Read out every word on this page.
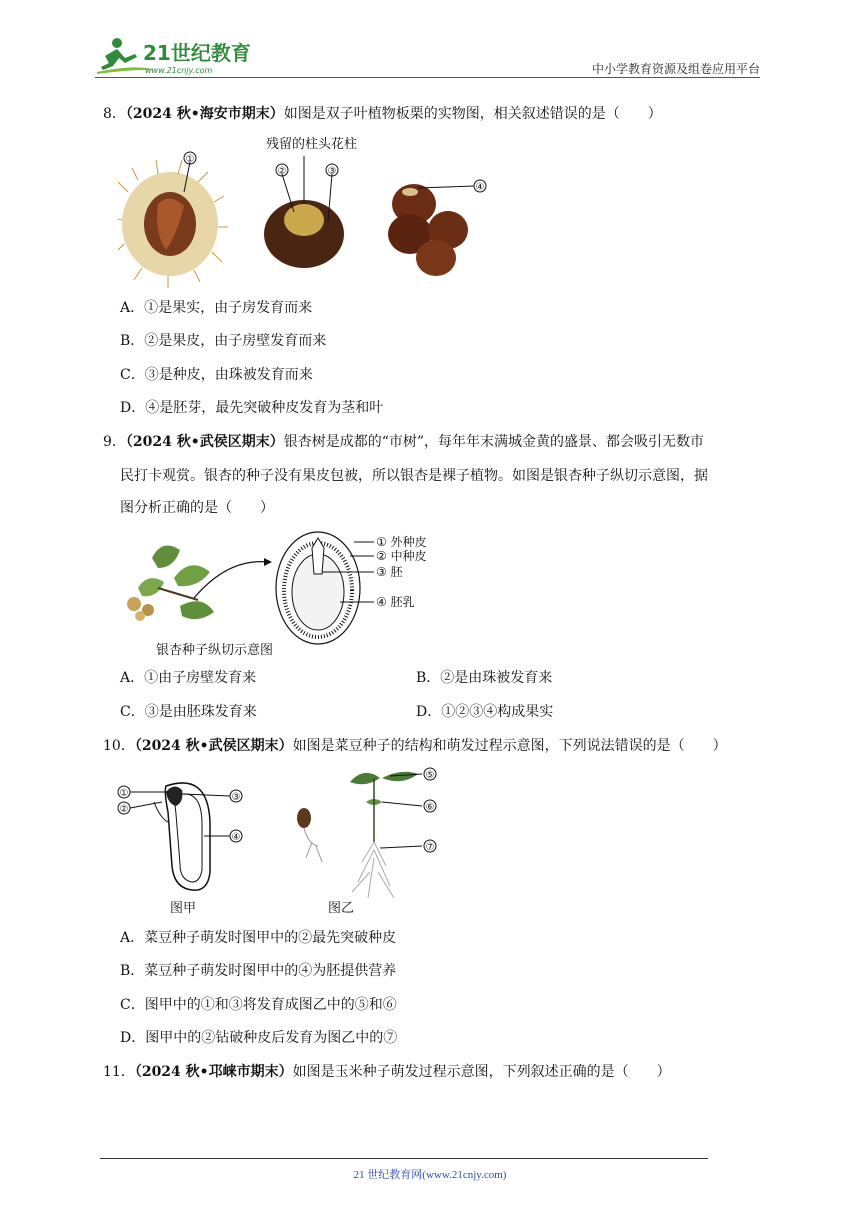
21世纪教育
www.21cnjy.com	中小学教育资源及组卷应用平台
8．（2024 秋•海安市期末）如图是双子叶植物板栗的实物图，相关叙述错误的是（　　）
①
残留的柱头花柱
②	③
④
A．①是果实，由子房发育而来
B．②是果皮，由子房壁发育而来
C．③是种皮，由珠被发育而来
D．④是胚芽，最先突破种皮发育为茎和叶
9．（2024 秋•武侯区期末）银杏树是成都的“市树”，每年年末满城金黄的盛景、都会吸引无数市
民打卡观赏。银杏的种子没有果皮包被，所以银杏是裸子植物。如图是银杏种子纵切示意图，据
图分析正确的是（　　）
① 外种皮
② 中种皮
③ 胚
④ 胚乳
银杏种子纵切示意图
A．①由子房壁发育来	B．②是由珠被发育来
C．③是由胚珠发育来	D．①②③④构成果实
10．（2024 秋•武侯区期末）如图是菜豆种子的结构和萌发过程示意图，下列说法错误的是（　　）
①
②
③
④
图甲
⑤
⑥
⑦
图乙
A．菜豆种子萌发时图甲中的②最先突破种皮
B．菜豆种子萌发时图甲中的④为胚提供营养
C．图甲中的①和③将发育成图乙中的⑤和⑥
D．图甲中的②钻破种皮后发育为图乙中的⑦
11．（2024 秋•邛崃市期末）如图是玉米种子萌发过程示意图，下列叙述正确的是（　　）
21 世纪教育网(www.21cnjy.com)
